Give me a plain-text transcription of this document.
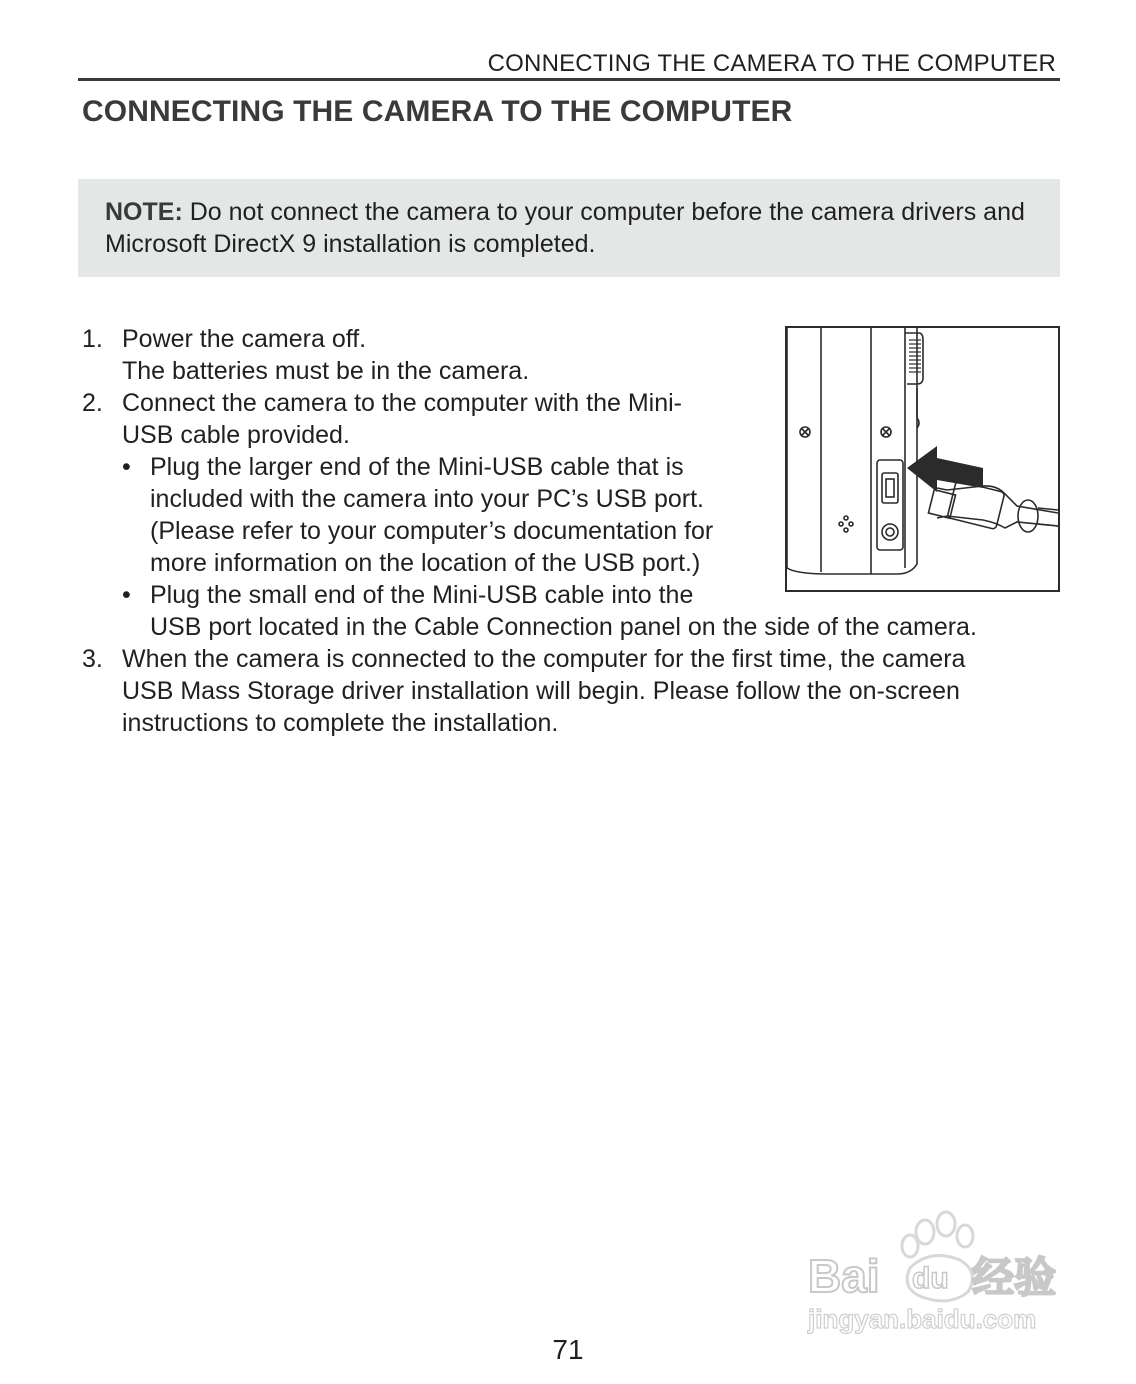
CONNECTING THE CAMERA TO THE COMPUTER
CONNECTING THE CAMERA TO THE COMPUTER
NOTE: Do not connect the camera to your computer before the camera drivers and Microsoft DirectX 9 installation is completed.
1. Power the camera off.
The batteries must be in the camera.
2. Connect the camera to the computer with the Mini-USB cable provided.
• Plug the larger end of the Mini-USB cable that is included with the camera into your PC’s USB port. (Please refer to your computer’s documentation for more information on the location of the USB port.)
• Plug the small end of the Mini-USB cable into the
USB port located in the Cable Connection panel on the side of the camera.
3. When the camera is connected to the computer for the first time, the camera USB Mass Storage driver installation will begin. Please follow the on-screen instructions to complete the installation.
71
Bai du 经验
jingyan.baidu.com
